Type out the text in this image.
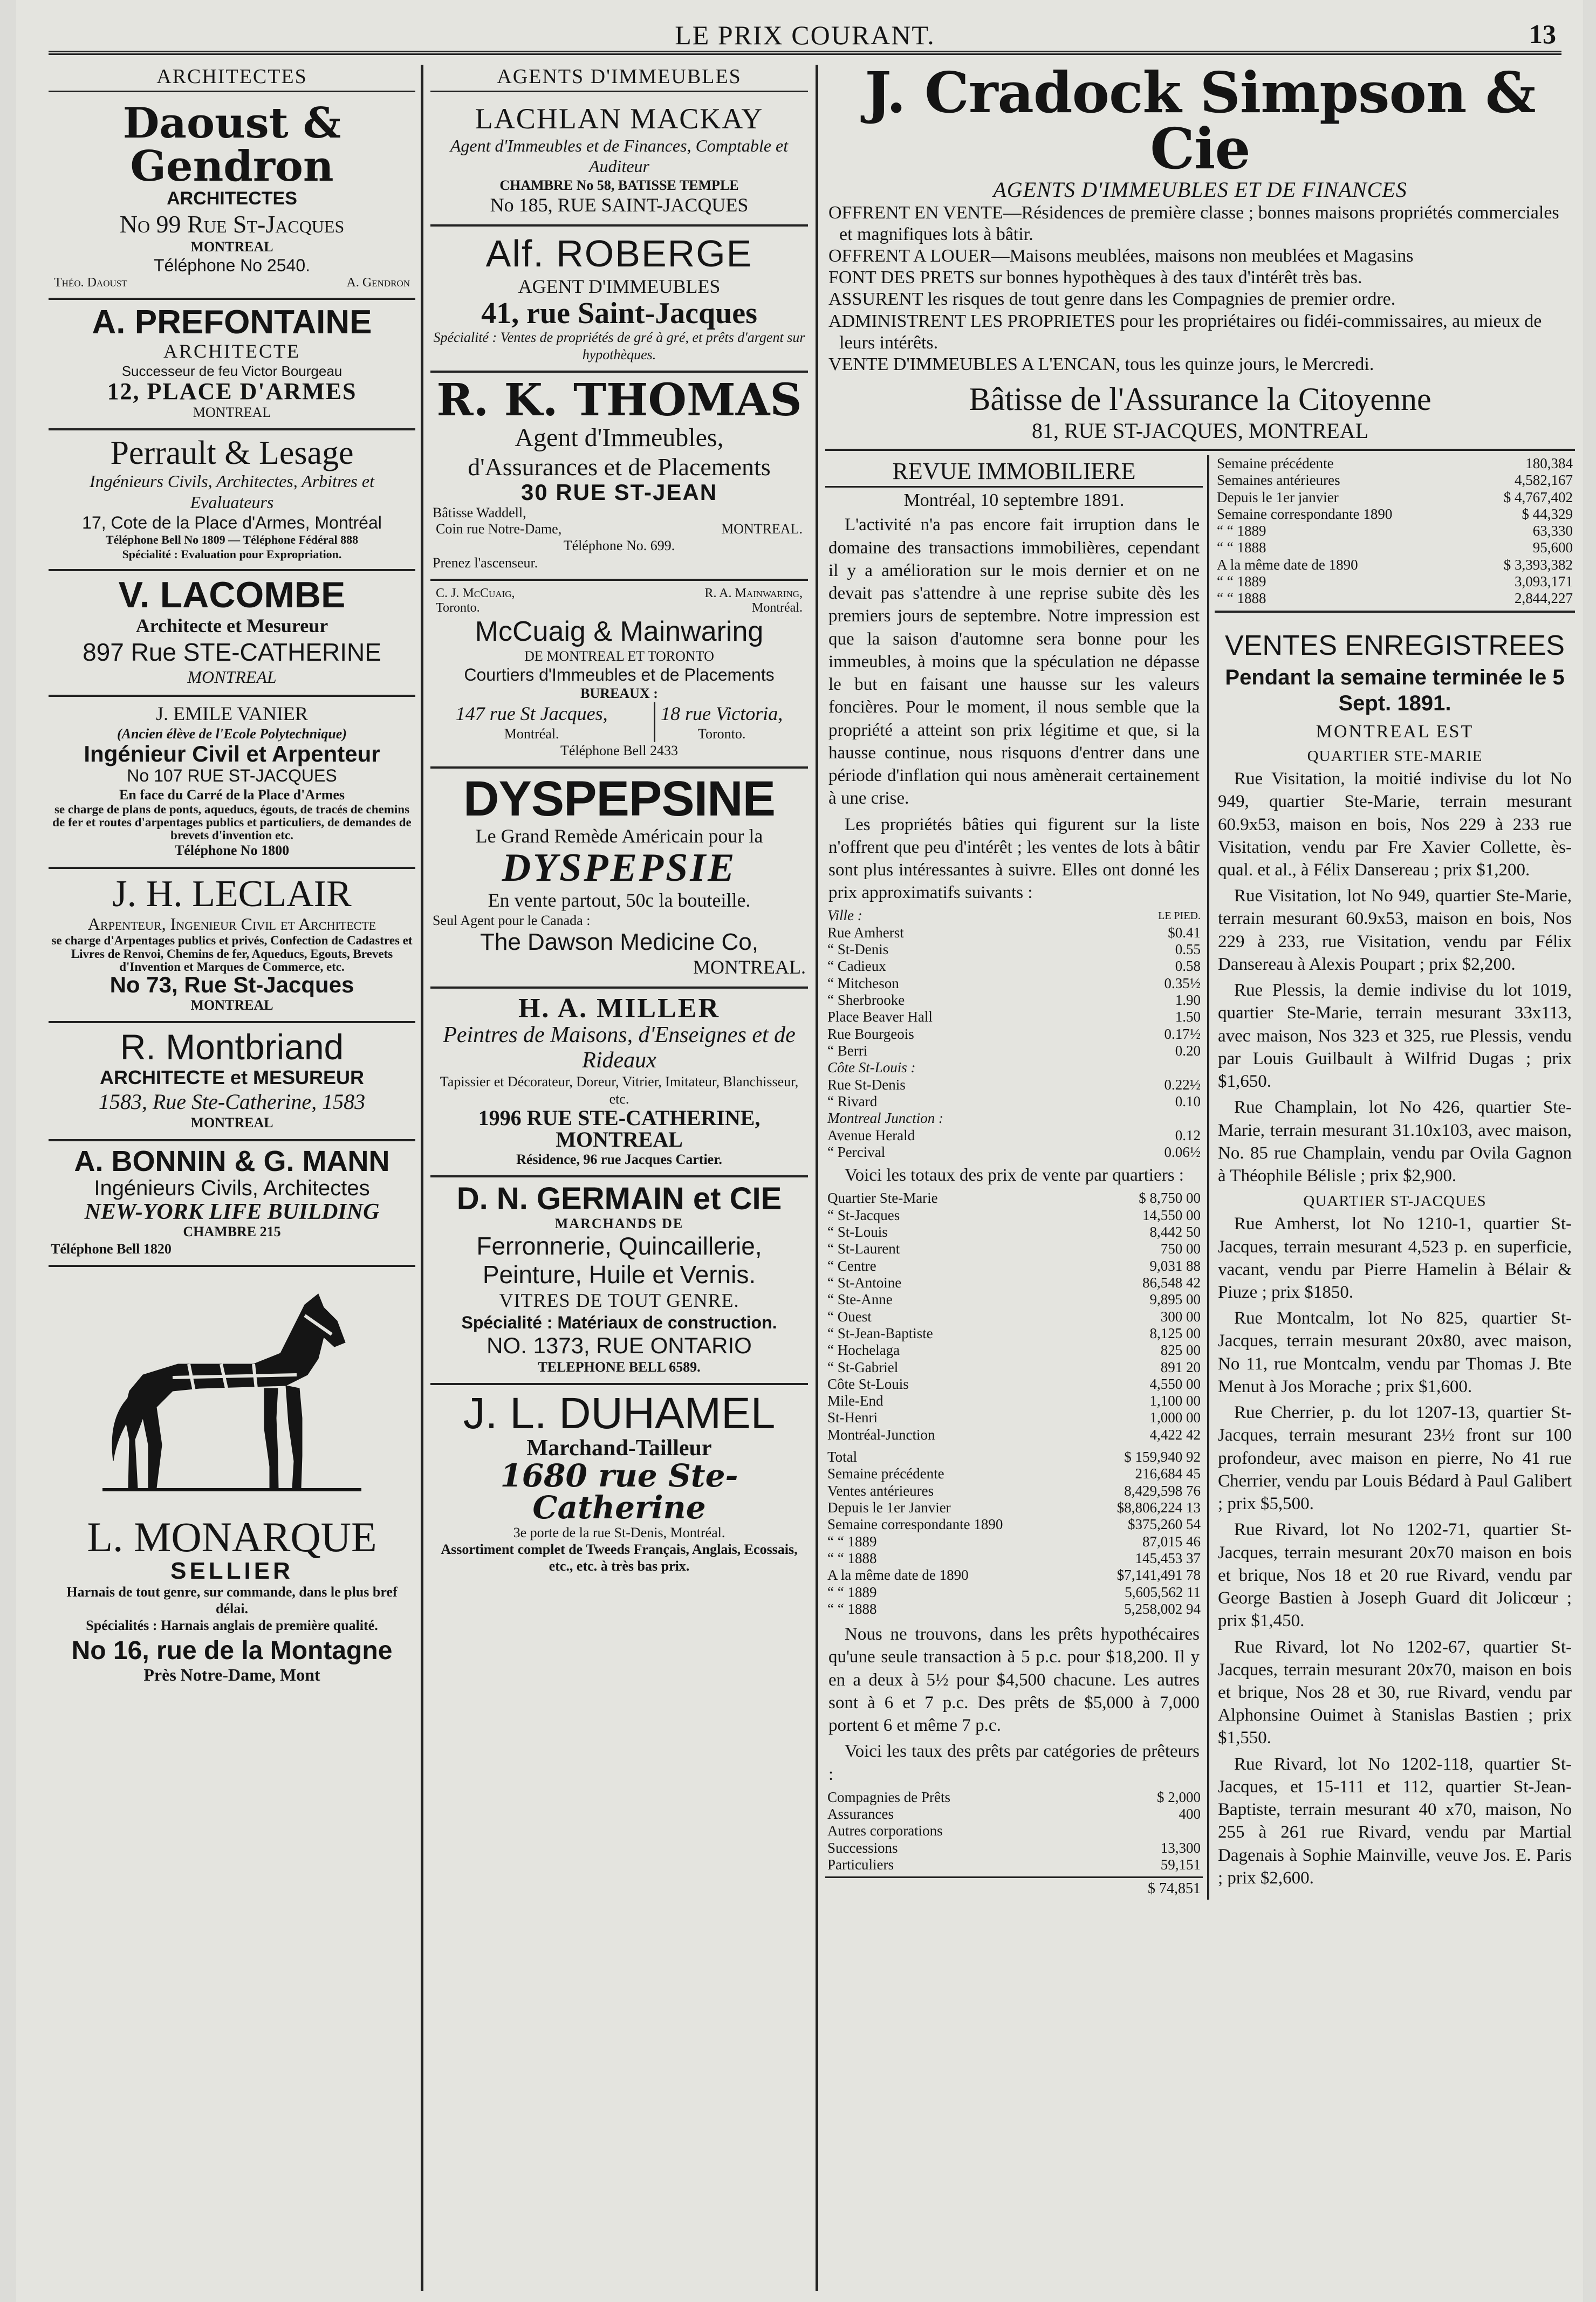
LE PRIX COURANT.	13
ARCHITECTES
Daoust & Gendron
ARCHITECTES
No 99 Rue St-Jacques
MONTREAL
Téléphone No 2540.
Théo. Daoust	A. Gendron
A. PREFONTAINE
ARCHITECTE
Successeur de feu Victor Bourgeau
12, PLACE D'ARMES
MONTREAL
Perrault & Lesage
Ingénieurs Civils, Architectes, Arbitres et Evaluateurs
17, Cote de la Place d'Armes, Montréal
Téléphone Bell No 1809 — Téléphone Fédéral 888
Spécialité : Evaluation pour Expropriation.
V. LACOMBE
Architecte et Mesureur
897 Rue STE-CATHERINE
MONTREAL
J. EMILE VANIER
(Ancien élève de l'Ecole Polytechnique)
Ingénieur Civil et Arpenteur
No 107 RUE ST-JACQUES
En face du Carré de la Place d'Armes
se charge de plans de ponts, aqueducs, égouts, de tracés de chemins de fer et routes d'arpentages publics et particuliers, de demandes de brevets d'invention etc.
Téléphone No 1800
J. H. LECLAIR
Arpenteur, Ingenieur Civil et Architecte
se charge d'Arpentages publics et privés, Confection de Cadastres et Livres de Renvoi, Chemins de fer, Aqueducs, Egouts, Brevets d'Invention et Marques de Commerce, etc.
No 73, Rue St-Jacques
MONTREAL
R. Montbriand
ARCHITECTE et MESUREUR
1583, Rue Ste-Catherine, 1583
MONTREAL
A. BONNIN & G. MANN
Ingénieurs Civils, Architectes
NEW-YORK LIFE BUILDING
CHAMBRE 215
Téléphone Bell 1820
L. MONARQUE
SELLIER
Harnais de tout genre, sur commande, dans le plus bref délai.
Spécialités : Harnais anglais de première qualité.
No 16, rue de la Montagne
Près Notre-Dame, Mont
AGENTS D'IMMEUBLES
LACHLAN MACKAY
Agent d'Immeubles et de Finances, Comptable et Auditeur
CHAMBRE No 58, BATISSE TEMPLE
No 185, RUE SAINT-JACQUES
Alf. ROBERGE
AGENT D'IMMEUBLES
41, rue Saint-Jacques
Spécialité : Ventes de propriétés de gré à gré, et prêts d'argent sur hypothèques.
R. K. THOMAS
Agent d'Immeubles,
d'Assurances et de Placements
30 RUE ST-JEAN
Bâtisse Waddell,
Coin rue Notre-Dame,	MONTREAL.
Téléphone No. 699.
Prenez l'ascenseur.
C. J. McCuaig,	R. A. Mainwaring,
Toronto.	Montréal.
McCuaig & Mainwaring
DE MONTREAL ET TORONTO
Courtiers d'Immeubles et de Placements
BUREAUX :
147 rue St Jacques,
Montréal.
18 rue Victoria,
Toronto.
Téléphone Bell 2433
DYSPEPSINE
Le Grand Remède Américain pour la
DYSPEPSIE
En vente partout, 50c la bouteille.
Seul Agent pour le Canada :
The Dawson Medicine Co,
MONTREAL.
H. A. MILLER
Peintres de Maisons, d'Enseignes et de Rideaux
Tapissier et Décorateur, Doreur, Vitrier, Imitateur, Blanchisseur, etc.
1996 RUE STE-CATHERINE, MONTREAL
Résidence, 96 rue Jacques Cartier.
D. N. GERMAIN et CIE
MARCHANDS DE
Ferronnerie, Quincaillerie, Peinture, Huile et Vernis.
VITRES DE TOUT GENRE.
Spécialité : Matériaux de construction.
NO. 1373, RUE ONTARIO
TELEPHONE BELL 6589.
J. L. DUHAMEL
Marchand-Tailleur
1680 rue Ste-Catherine
3e porte de la rue St-Denis, Montréal.
Assortiment complet de Tweeds Français, Anglais, Ecossais, etc., etc. à très bas prix.
J. Cradock Simpson & Cie
AGENTS D'IMMEUBLES ET DE FINANCES
OFFRENT EN VENTE—Résidences de première classe ; bonnes maisons propriétés commerciales et magnifiques lots à bâtir.
OFFRENT A LOUER—Maisons meublées, maisons non meublées et Magasins
FONT DES PRETS sur bonnes hypothèques à des taux d'intérêt très bas.
ASSURENT les risques de tout genre dans les Compagnies de premier ordre.
ADMINISTRENT LES PROPRIETES pour les propriétaires ou fidéi-commissaires, au mieux de leurs intérêts.
VENTE D'IMMEUBLES A L'ENCAN, tous les quinze jours, le Mercredi.
Bâtisse de l'Assurance la Citoyenne
81, RUE ST-JACQUES, MONTREAL
REVUE IMMOBILIERE
Montréal, 10 septembre 1891.
L'activité n'a pas encore fait irruption dans le domaine des transactions immobilières, cependant il y a amélioration sur le mois dernier et on ne devait pas s'attendre à une reprise subite dès les premiers jours de septembre. Notre impression est que la saison d'automne sera bonne pour les immeubles, à moins que la spéculation ne dépasse le but en faisant une hausse sur les valeurs foncières. Pour le moment, il nous semble que la propriété a atteint son prix légitime et que, si la hausse continue, nous risquons d'entrer dans une période d'inflation qui nous amènerait certainement à une crise.
Les propriétés bâties qui figurent sur la liste n'offrent que peu d'intérêt ; les ventes de lots à bâtir sont plus intéressantes à suivre. Elles ont donné les prix approximatifs suivants :
Ville :	LE PIED.
Rue Amherst	$0.41
“ St-Denis	0.55
“ Cadieux	0.58
“ Mitcheson	0.35½
“ Sherbrooke	1.90
Place Beaver Hall	1.50
Rue Bourgeois	0.17½
“ Berri	0.20
Côte St-Louis :	
Rue St-Denis	0.22½
“ Rivard	0.10
Montreal Junction :	
Avenue Herald	0.12
“ Percival	0.06½
Voici les totaux des prix de vente par quartiers :
Quartier Ste-Marie	$ 8,750 00
“ St-Jacques	14,550 00
“ St-Louis	8,442 50
“ St-Laurent	750 00
“ Centre	9,031 88
“ St-Antoine	86,548 42
“ Ste-Anne	9,895 00
“ Ouest	300 00
“ St-Jean-Baptiste	8,125 00
“ Hochelaga	825 00
“ St-Gabriel	891 20
Côte St-Louis	4,550 00
Mile-End	1,100 00
St-Henri	1,000 00
Montréal-Junction	4,422 42
Total	$ 159,940 92
Semaine précédente	216,684 45
Ventes antérieures	8,429,598 76
Depuis le 1er Janvier	$8,806,224 13
Semaine correspondante 1890	$375,260 54
“ “ 1889	87,015 46
“ “ 1888	145,453 37
A la même date de 1890	$7,141,491 78
“ “ 1889	5,605,562 11
“ “ 1888	5,258,002 94
Nous ne trouvons, dans les prêts hypothécaires qu'une seule transaction à 5 p.c. pour $18,200. Il y en a deux à 5½ pour $4,500 chacune. Les autres sont à 6 et 7 p.c. Des prêts de $5,000 à 7,000 portent 6 et même 7 p.c.
Voici les taux des prêts par catégories de prêteurs :
Compagnies de Prêts	$ 2,000
Assurances	400
Autres corporations	
Successions	13,300
Particuliers	59,151
$ 74,851
Semaine précédente	180,384
Semaines antérieures	4,582,167
Depuis le 1er janvier	$ 4,767,402
Semaine correspondante 1890	$ 44,329
“ “ 1889	63,330
“ “ 1888	95,600
A la même date de 1890	$ 3,393,382
“ “ 1889	3,093,171
“ “ 1888	2,844,227
VENTES ENREGISTREES
Pendant la semaine terminée le 5 Sept. 1891.
MONTREAL EST
QUARTIER STE-MARIE
Rue Visitation, la moitié indivise du lot No 949, quartier Ste-Marie, terrain mesurant 60.9x53, maison en bois, Nos 229 à 233 rue Visitation, vendu par Fre Xavier Collette, ès-qual. et al., à Félix Dansereau ; prix $1,200.
Rue Visitation, lot No 949, quartier Ste-Marie, terrain mesurant 60.9x53, maison en bois, Nos 229 à 233, rue Visitation, vendu par Félix Dansereau à Alexis Poupart ; prix $2,200.
Rue Plessis, la demie indivise du lot 1019, quartier Ste-Marie, terrain mesurant 33x113, avec maison, Nos 323 et 325, rue Plessis, vendu par Louis Guilbault à Wilfrid Dugas ; prix $1,650.
Rue Champlain, lot No 426, quartier Ste-Marie, terrain mesurant 31.10x103, avec maison, No. 85 rue Champlain, vendu par Ovila Gagnon à Théophile Bélisle ; prix $2,900.
QUARTIER ST-JACQUES
Rue Amherst, lot No 1210-1, quartier St-Jacques, terrain mesurant 4,523 p. en superficie, vacant, vendu par Pierre Hamelin à Bélair & Piuze ; prix $1850.
Rue Montcalm, lot No 825, quartier St-Jacques, terrain mesurant 20x80, avec maison, No 11, rue Montcalm, vendu par Thomas J. Bte Menut à Jos Morache ; prix $1,600.
Rue Cherrier, p. du lot 1207-13, quartier St-Jacques, terrain mesurant 23½ front sur 100 profondeur, avec maison en pierre, No 41 rue Cherrier, vendu par Louis Bédard à Paul Galibert ; prix $5,500.
Rue Rivard, lot No 1202-71, quartier St-Jacques, terrain mesurant 20x70 maison en bois et brique, Nos 18 et 20 rue Rivard, vendu par George Bastien à Joseph Guard dit Jolicœur ; prix $1,450.
Rue Rivard, lot No 1202-67, quartier St-Jacques, terrain mesurant 20x70, maison en bois et brique, Nos 28 et 30, rue Rivard, vendu par Alphonsine Ouimet à Stanislas Bastien ; prix $1,550.
Rue Rivard, lot No 1202-118, quartier St-Jacques, et 15-111 et 112, quartier St-Jean-Baptiste, terrain mesurant 40 x70, maison, No 255 à 261 rue Rivard, vendu par Martial Dagenais à Sophie Mainville, veuve Jos. E. Paris ; prix $2,600.
